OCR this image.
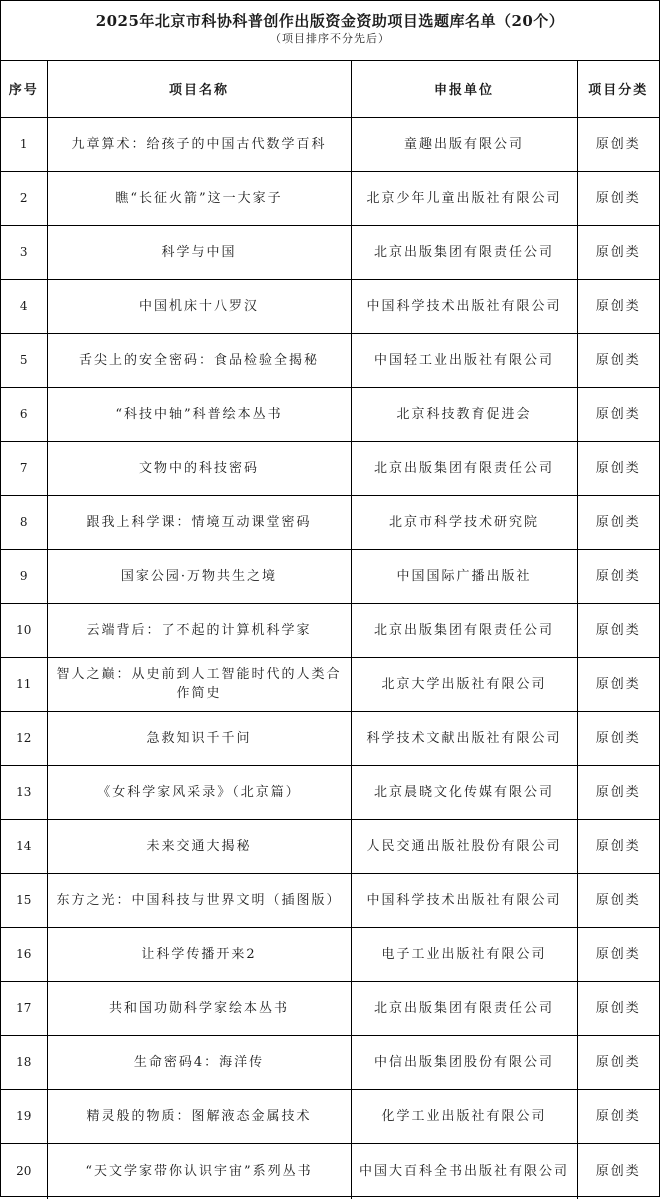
2025年北京市科协科普创作出版资金资助项目选题库名单（20个）
（项目排序不分先后）
序号	项目名称	申报单位	项目分类
1	九章算术：给孩子的中国古代数学百科	童趣出版有限公司	原创类
2	瞧“长征火箭”这一大家子	北京少年儿童出版社有限公司	原创类
3	科学与中国	北京出版集团有限责任公司	原创类
4	中国机床十八罗汉	中国科学技术出版社有限公司	原创类
5	舌尖上的安全密码：食品检验全揭秘	中国轻工业出版社有限公司	原创类
6	“科技中轴”科普绘本丛书	北京科技教育促进会	原创类
7	文物中的科技密码	北京出版集团有限责任公司	原创类
8	跟我上科学课：情境互动课堂密码	北京市科学技术研究院	原创类
9	国家公园·万物共生之境	中国国际广播出版社	原创类
10	云端背后：了不起的计算机科学家	北京出版集团有限责任公司	原创类
11	智人之巅：从史前到人工智能时代的人类合作简史	北京大学出版社有限公司	原创类
12	急救知识千千问	科学技术文献出版社有限公司	原创类
13	《女科学家风采录》（北京篇）	北京晨晓文化传媒有限公司	原创类
14	未来交通大揭秘	人民交通出版社股份有限公司	原创类
15	东方之光：中国科技与世界文明（插图版）	中国科学技术出版社有限公司	原创类
16	让科学传播开来2	电子工业出版社有限公司	原创类
17	共和国功勋科学家绘本丛书	北京出版集团有限责任公司	原创类
18	生命密码4：海洋传	中信出版集团股份有限公司	原创类
19	精灵般的物质：图解液态金属技术	化学工业出版社有限公司	原创类
20	“天文学家带你认识宇宙”系列丛书	中国大百科全书出版社有限公司	原创类
